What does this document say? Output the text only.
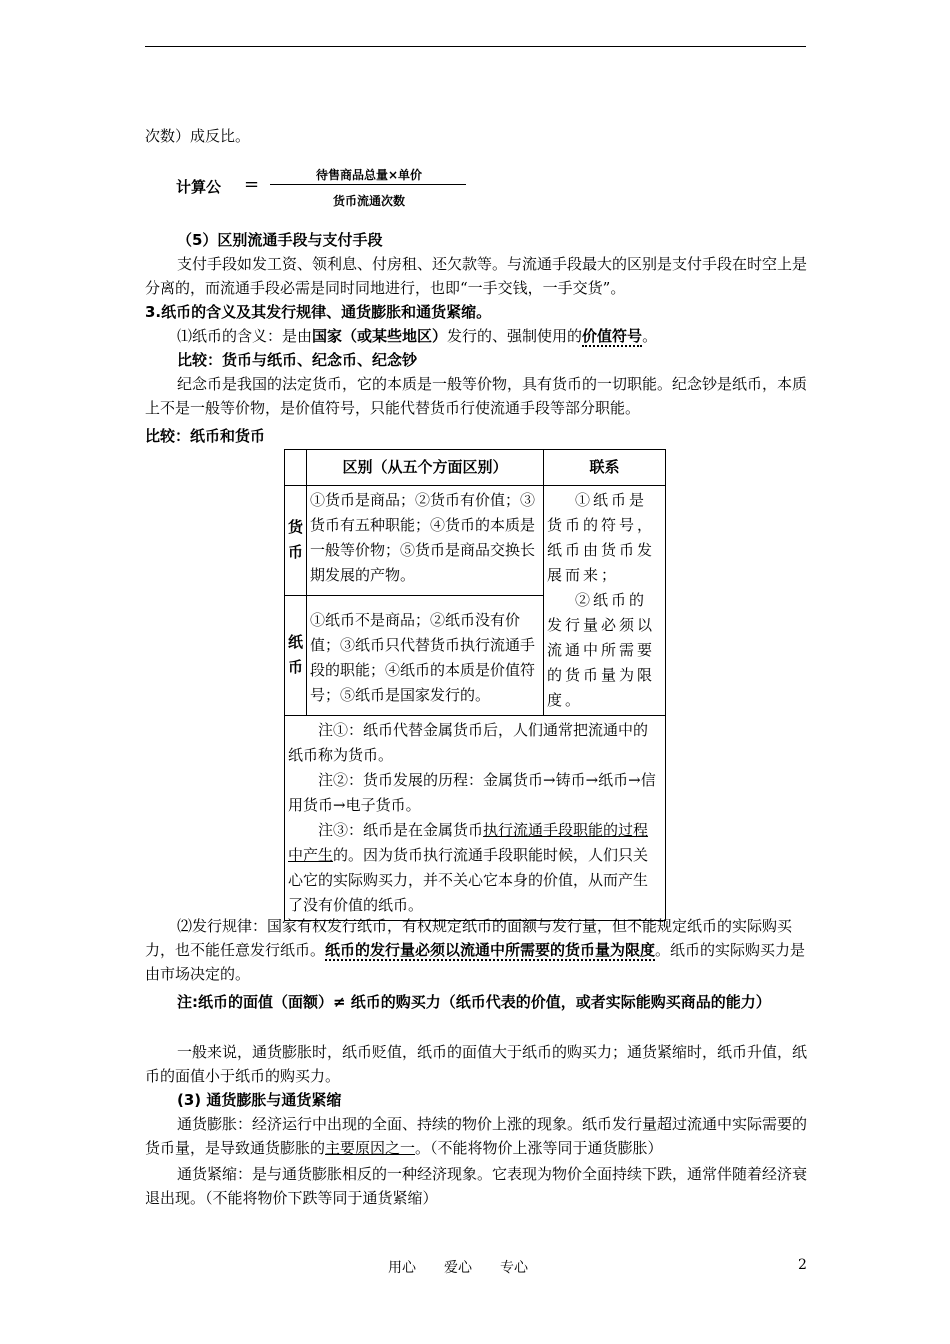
次数）成反比。
计算公 =	待售商品总量×单价
货币流通次数
（5）区别流通手段与支付手段
支付手段如发工资、领利息、付房租、还欠款等。与流通手段最大的区别是支付手段在时空上是分离的，而流通手段必需是同时同地进行，也即“一手交钱，一手交货”。
3.纸币的含义及其发行规律、通货膨胀和通货紧缩。
⑴纸币的含义：是由国家（或某些地区）发行的、强制使用的价值符号。
比较：货币与纸币、纪念币、纪念钞
纪念币是我国的法定货币，它的本质是一般等价物，具有货币的一切职能。纪念钞是纸币，本质上不是一般等价物，是价值符号，只能代替货币行使流通手段等部分职能。
比较：纸币和货币
	区别（从五个方面区别）	联系
货币	①货币是商品；②货币有价值；③货币有五种职能；④货币的本质是一般等价物；⑤货币是商品交换长期发展的产物。	①纸币是货币的符号，纸币由货币发展而来；
②纸币的发行量必须以流通中所需要的货币量为限度。

纸币	①纸币不是商品；②纸币没有价值；③纸币只代替货币执行流通手段的职能；④纸币的本质是价值符号；⑤纸币是国家发行的。	

注①：纸币代替金属货币后，人们通常把流通中的纸币称为货币。

注②：货币发展的历程：金属货币→铸币→纸币→信用货币→电子货币。

注③：纸币是在金属货币执行流通手段职能的过程中产生的。因为货币执行流通手段职能时候，人们只关心它的实际购买力，并不关心它本身的价值，从而产生了没有价值的纸币。		

⑵发行规律：国家有权发行纸币，有权规定纸币的面额与发行量，但不能规定纸币的实际购买力，也不能任意发行纸币。纸币的发行量必须以流通中所需要的货币量为限度。纸币的实际购买力是由市场决定的。
注:纸币的面值（面额）≠ 纸币的购买力（纸币代表的价值，或者实际能购买商品的能力）
一般来说，通货膨胀时，纸币贬值，纸币的面值大于纸币的购买力；通货紧缩时，纸币升值，纸币的面值小于纸币的购买力。
(3) 通货膨胀与通货紧缩
通货膨胀：经济运行中出现的全面、持续的物价上涨的现象。纸币发行量超过流通中实际需要的货币量，是导致通货膨胀的主要原因之一。（不能将物价上涨等同于通货膨胀）
通货紧缩：是与通货膨胀相反的一种经济现象。它表现为物价全面持续下跌，通常伴随着经济衰退出现。（不能将物价下跌等同于通货紧缩）
用心　　爱心　　专心	2
